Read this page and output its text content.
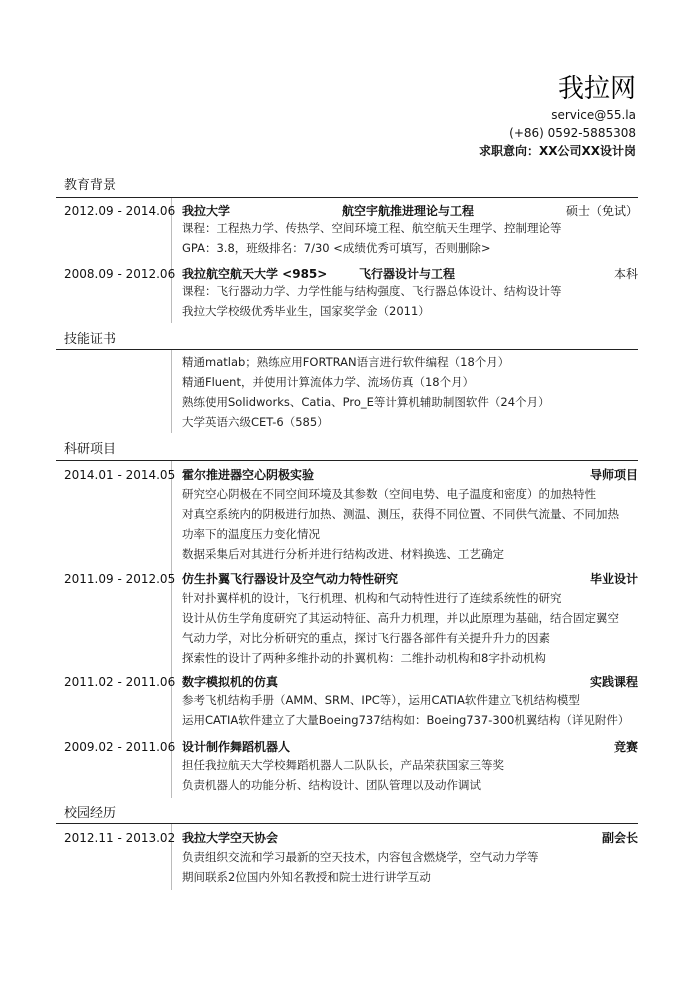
我拉网
service@55.la
(+86) 0592-5885308
求职意向：XX公司XX设计岗
教育背景
2012.09 - 2014.06 我拉大学	航空宇航推进理论与工程	硕士（免试）
课程：工程热力学、传热学、空间环境工程、航空航天生理学、控制理论等
GPA：3.8，班级排名：7/30 <成绩优秀可填写，否则删除>
2008.09 - 2012.06 我拉航空航天大学 <985>	飞行器设计与工程	本科
课程：飞行器动力学、力学性能与结构强度、飞行器总体设计、结构设计等
我拉大学校级优秀毕业生，国家奖学金（2011）
技能证书
精通matlab；熟练应用FORTRAN语言进行软件编程（18个月）
精通Fluent，并使用计算流体力学、流场仿真（18个月）
熟练使用Solidworks、Catia、Pro_E等计算机辅助制图软件（24个月）
大学英语六级CET-6（585）
科研项目
2014.01 - 2014.05 霍尔推进器空心阴极实验	导师项目
研究空心阴极在不同空间环境及其参数（空间电势、电子温度和密度）的加热特性
对真空系统内的阴极进行加热、测温、测压，获得不同位置、不同供气流量、不同加热
功率下的温度压力变化情况
数据采集后对其进行分析并进行结构改进、材料换选、工艺确定
2011.09 - 2012.05 仿生扑翼飞行器设计及空气动力特性研究	毕业设计
针对扑翼样机的设计，飞行机理、机构和气动特性进行了连续系统性的研究
设计从仿生学角度研究了其运动特征、高升力机理，并以此原理为基础，结合固定翼空
气动力学，对比分析研究的重点，探讨飞行器各部件有关提升升力的因素
探索性的设计了两种多维扑动的扑翼机构：二维扑动机构和8字扑动机构
2011.02 - 2011.06 数字模拟机的仿真	实践课程
参考飞机结构手册（AMM、SRM、IPC等），运用CATIA软件建立飞机结构模型
运用CATIA软件建立了大量Boeing737结构如：Boeing737-300机翼结构（详见附件）
2009.02 - 2011.06 设计制作舞蹈机器人	竞赛
担任我拉航天大学校舞蹈机器人二队队长，产品荣获国家三等奖
负责机器人的功能分析、结构设计、团队管理以及动作调试
校园经历
2012.11 - 2013.02 我拉大学空天协会	副会长
负责组织交流和学习最新的空天技术，内容包含燃烧学，空气动力学等
期间联系2位国内外知名教授和院士进行讲学互动
